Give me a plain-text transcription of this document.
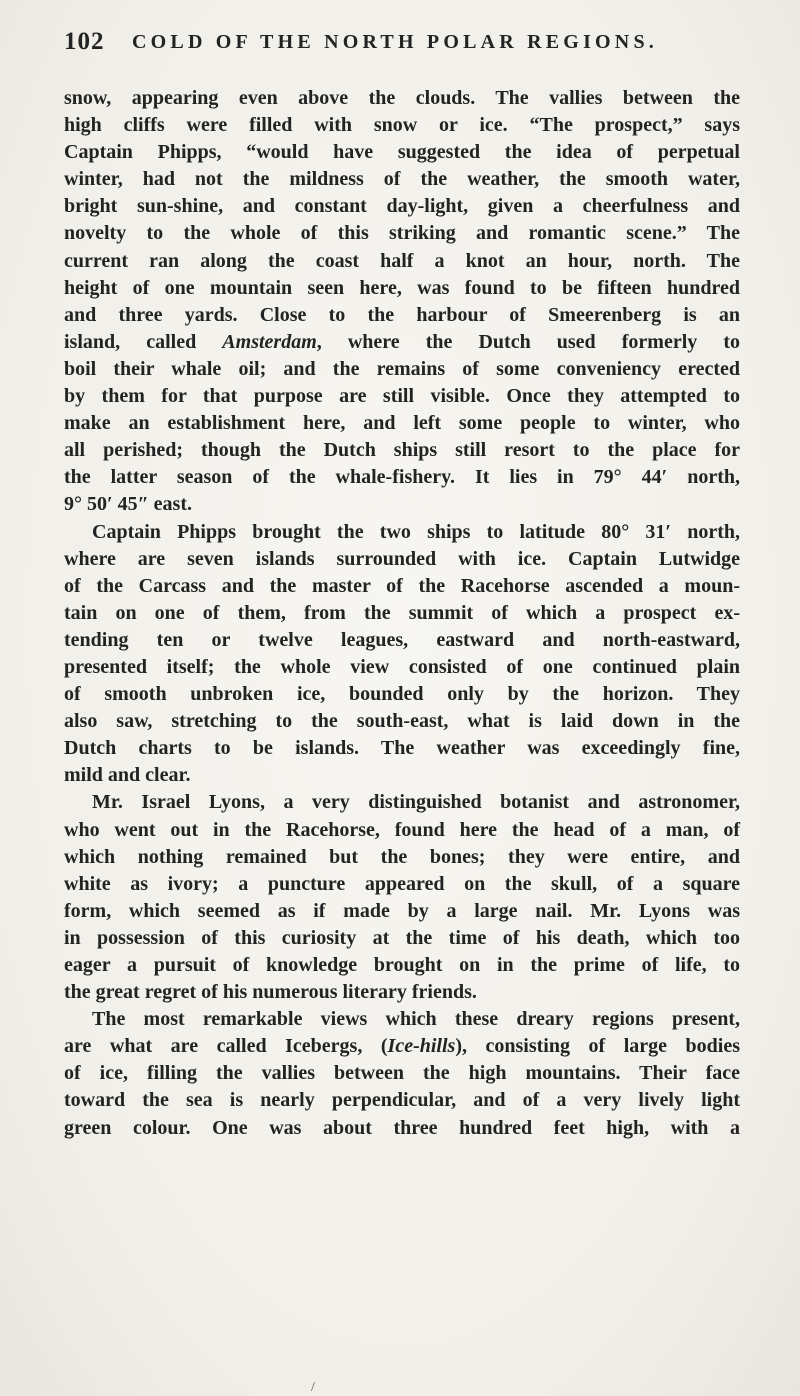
102 COLD OF THE NORTH POLAR REGIONS.
snow, appearing even above the clouds. The vallies between the
high cliffs were filled with snow or ice. “The prospect,” says
Captain Phipps, “would have suggested the idea of perpetual
winter, had not the mildness of the weather, the smooth water,
bright sun-shine, and constant day-light, given a cheerfulness and
novelty to the whole of this striking and romantic scene.” The
current ran along the coast half a knot an hour, north. The
height of one mountain seen here, was found to be fifteen hundred
and three yards. Close to the harbour of Smeerenberg is an
island, called Amsterdam, where the Dutch used formerly to
boil their whale oil; and the remains of some conveniency erected
by them for that purpose are still visible. Once they attempted to
make an establishment here, and left some people to winter, who
all perished; though the Dutch ships still resort to the place for
the latter season of the whale-fishery. It lies in 79° 44′ north,
9° 50′ 45″ east.
Captain Phipps brought the two ships to latitude 80° 31′ north,
where are seven islands surrounded with ice. Captain Lutwidge
of the Carcass and the master of the Racehorse ascended a moun-
tain on one of them, from the summit of which a prospect ex-
tending ten or twelve leagues, eastward and north-eastward,
presented itself; the whole view consisted of one continued plain
of smooth unbroken ice, bounded only by the horizon. They
also saw, stretching to the south-east, what is laid down in the
Dutch charts to be islands. The weather was exceedingly fine,
mild and clear.
Mr. Israel Lyons, a very distinguished botanist and astronomer,
who went out in the Racehorse, found here the head of a man, of
which nothing remained but the bones; they were entire, and
white as ivory; a puncture appeared on the skull, of a square
form, which seemed as if made by a large nail. Mr. Lyons was
in possession of this curiosity at the time of his death, which too
eager a pursuit of knowledge brought on in the prime of life, to
the great regret of his numerous literary friends.
The most remarkable views which these dreary regions present,
are what are called Icebergs, (Ice-hills), consisting of large bodies
of ice, filling the vallies between the high mountains. Their face
toward the sea is nearly perpendicular, and of a very lively light
green colour. One was about three hundred feet high, with a
/
